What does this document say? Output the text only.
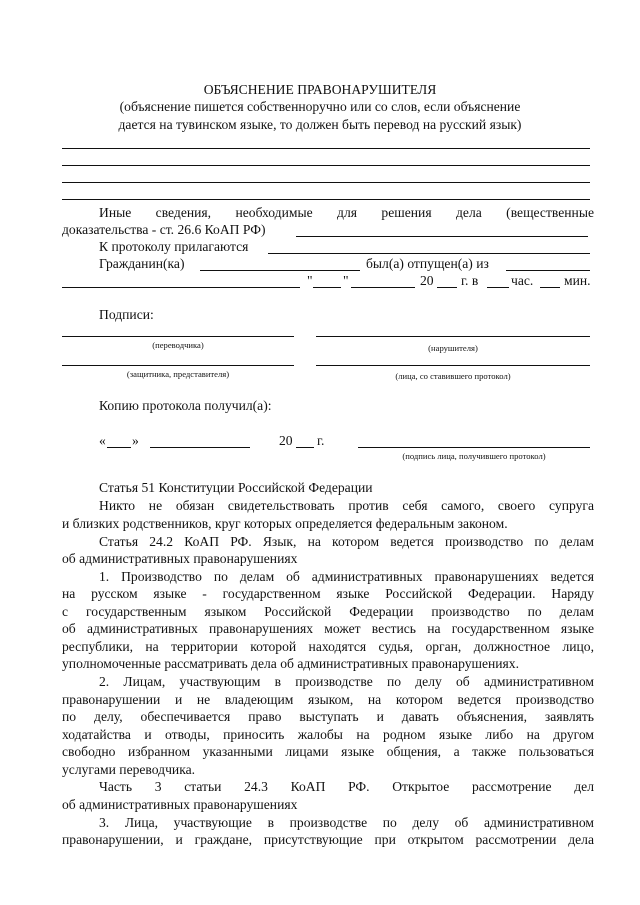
ОБЪЯСНЕНИЕ ПРАВОНАРУШИТЕЛЯ
(объяснение пишется собственноручно или со слов, если объяснение
дается на тувинском языке, то должен быть перевод на русский язык)
Иные сведения, необходимые для решения дела (вещественные
доказательства - ст. 26.6 КоАП РФ)
К протоколу прилагаются
Гражданин(ка)	был(а) отпущен(а) из
" "	20 г. в час. мин.
Подписи:
(переводчика)	(нарушителя)
(защитника, представителя)	(лица, со ставившего протокол)
Копию протокола получил(а):
« »	20 г.
(подпись лица, получившего протокол)
Статья 51 Конституции Российской Федерации
Никто не обязан свидетельствовать против себя самого, своего супруга
и близких родственников, круг которых определяется федеральным законом.
Статья 24.2 КоАП РФ. Язык, на котором ведется производство по делам
об административных правонарушениях
1. Производство по делам об административных правонарушениях ведется
на русском языке - государственном языке Российской Федерации. Наряду
с государственным языком Российской Федерации производство по делам
об административных правонарушениях может вестись на государственном языке
республики, на территории которой находятся судья, орган, должностное лицо,
уполномоченные рассматривать дела об административных правонарушениях.
2. Лицам, участвующим в производстве по делу об административном
правонарушении и не владеющим языком, на котором ведется производство
по делу, обеспечивается право выступать и давать объяснения, заявлять
ходатайства и отводы, приносить жалобы на родном языке либо на другом
свободно избранном указанными лицами языке общения, а также пользоваться
услугами переводчика.
Часть 3 статьи 24.3 КоАП РФ. Открытое рассмотрение дел
об административных правонарушениях
3. Лица, участвующие в производстве по делу об административном
правонарушении, и граждане, присутствующие при открытом рассмотрении дела
